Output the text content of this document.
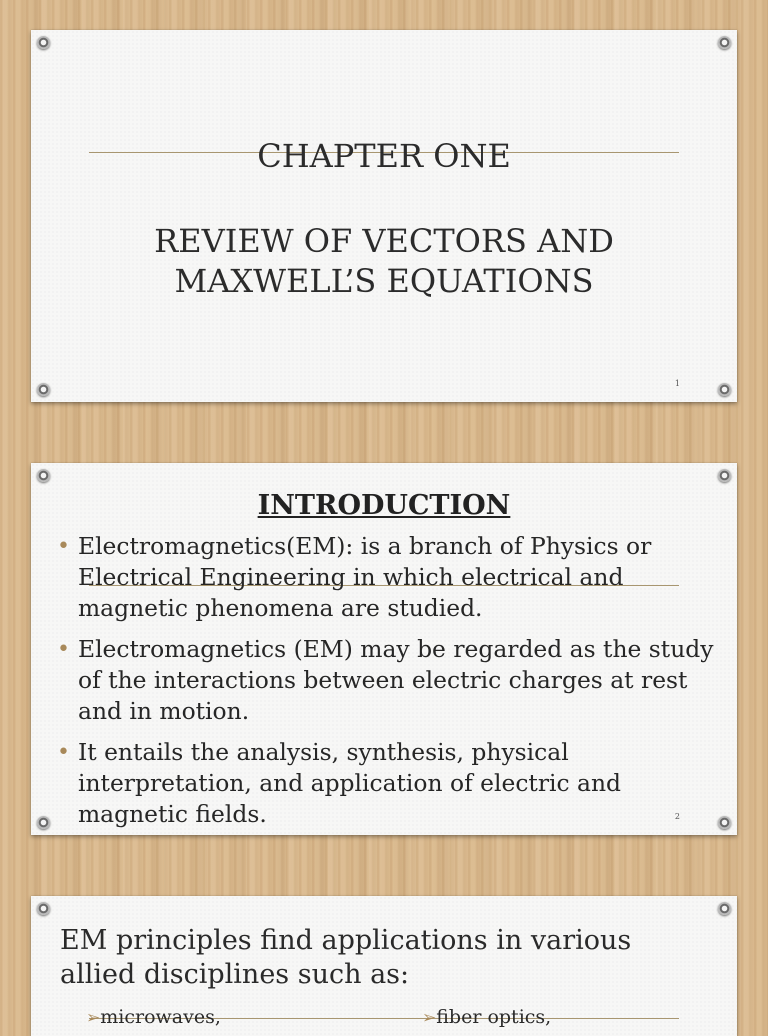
CHAPTER ONE
REVIEW OF VECTORS AND MAXWELL’S EQUATIONS
1
INTRODUCTION
• Electromagnetics(EM): is a branch of Physics or Electrical Engineering in which electrical and magnetic phenomena are studied.
• Electromagnetics (EM) may be regarded as the study of the interactions between electric charges at rest and in motion.
• It entails the analysis, synthesis, physical interpretation, and application of electric and magnetic fields.	2
EM principles find applications in various allied disciplines such as:
➢microwaves,	➢fiber optics,
